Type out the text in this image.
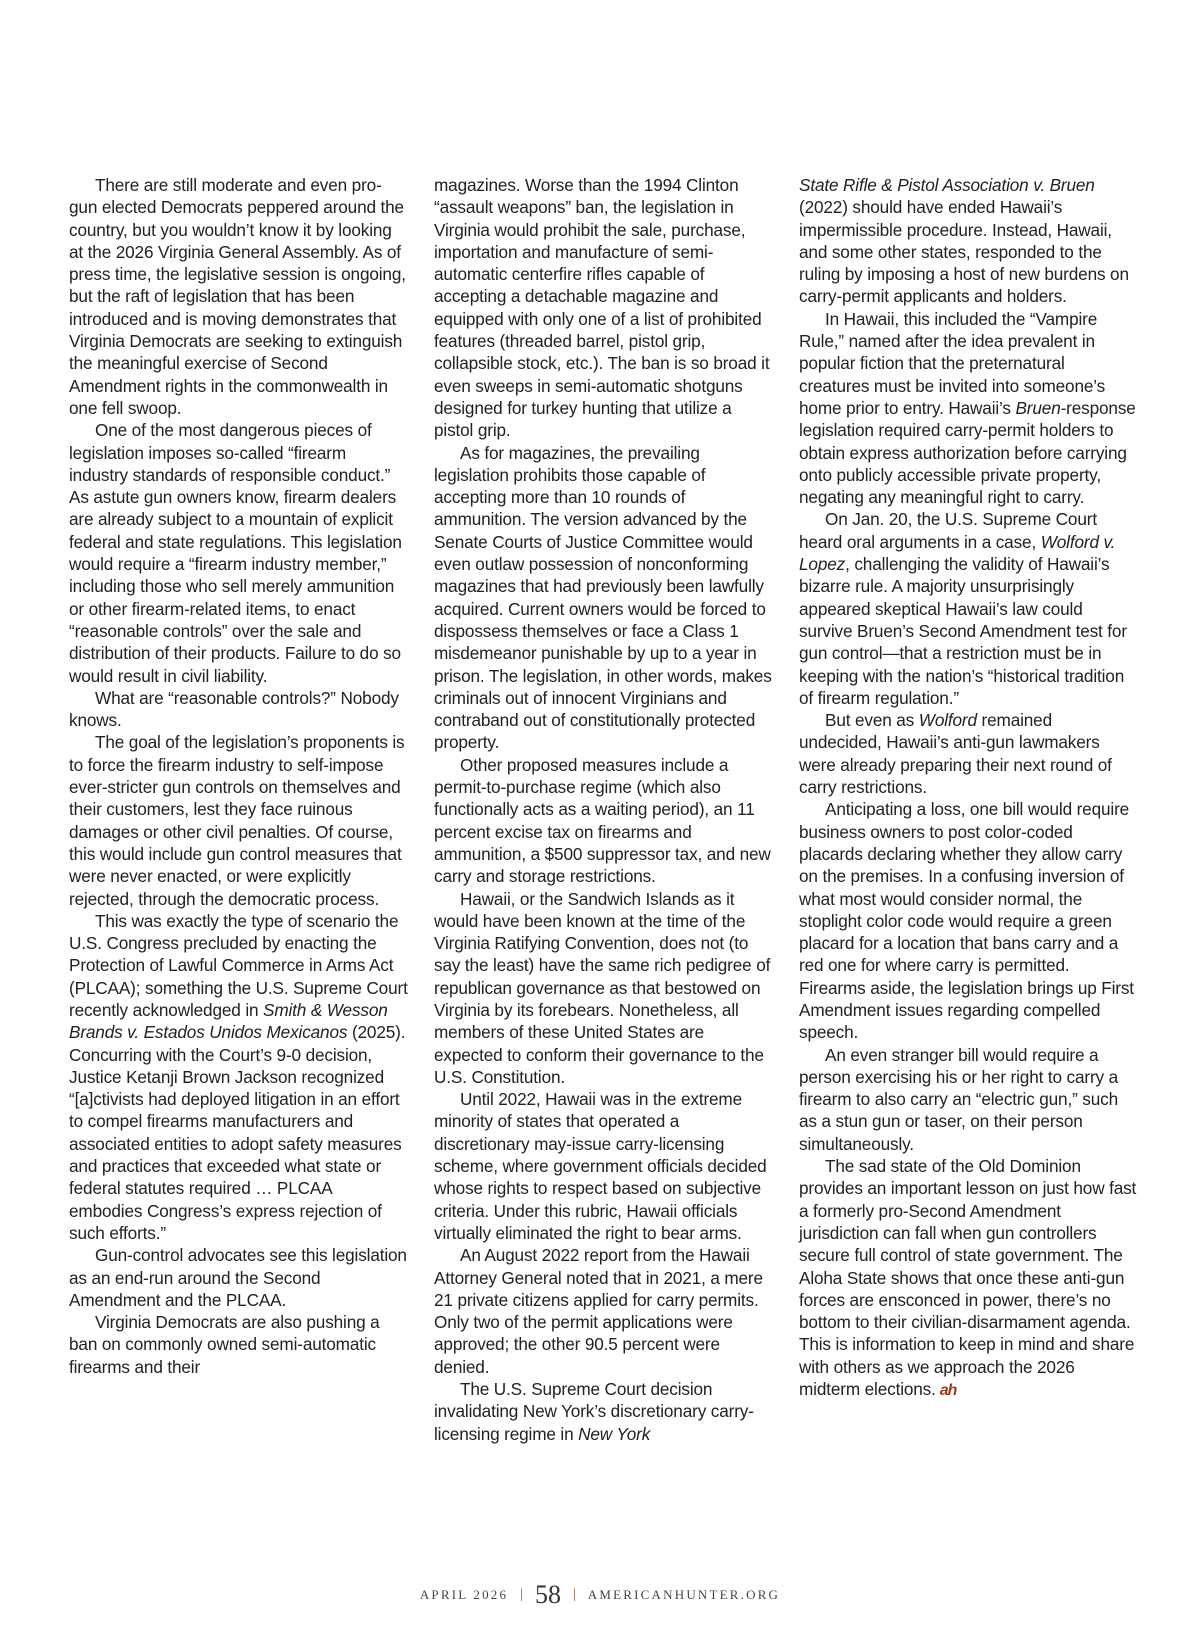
There are still moderate and even pro-gun elected Democrats peppered around the country, but you wouldn’t know it by looking at the 2026 Virginia General Assembly. As of press time, the legislative session is ongoing, but the raft of legislation that has been introduced and is moving demonstrates that Virginia Democrats are seeking to extinguish the meaningful exercise of Second Amendment rights in the commonwealth in one fell swoop.

One of the most dangerous pieces of legislation imposes so-called “firearm industry standards of responsible conduct.” As astute gun owners know, firearm dealers are already subject to a mountain of explicit federal and state regulations. This legislation would require a “firearm industry member,” including those who sell merely ammunition or other firearm-related items, to enact “reasonable controls” over the sale and distribution of their products. Failure to do so would result in civil liability.

What are “reasonable controls?” Nobody knows.

The goal of the legislation’s proponents is to force the firearm industry to self-impose ever-stricter gun controls on themselves and their customers, lest they face ruinous damages or other civil penalties. Of course, this would include gun control measures that were never enacted, or were explicitly rejected, through the democratic process.

This was exactly the type of scenario the U.S. Congress precluded by enacting the Protection of Lawful Commerce in Arms Act (PLCAA); something the U.S. Supreme Court recently acknowledged in Smith & Wesson Brands v. Estados Unidos Mexicanos (2025). Concurring with the Court’s 9-0 decision, Justice Ketanji Brown Jackson recognized “[a]ctivists had deployed litigation in an effort to compel firearms manufacturers and associated entities to adopt safety measures and practices that exceeded what state or federal statutes required … PLCAA embodies Congress’s express rejection of such efforts.”

Gun-control advocates see this legislation as an end-run around the Second Amendment and the PLCAA.

Virginia Democrats are also pushing a ban on commonly owned semi-automatic firearms and their

magazines. Worse than the 1994 Clinton “assault weapons” ban, the legislation in Virginia would prohibit the sale, purchase, importation and manufacture of semi-automatic centerfire rifles capable of accepting a detachable magazine and equipped with only one of a list of prohibited features (threaded barrel, pistol grip, collapsible stock, etc.). The ban is so broad it even sweeps in semi-automatic shotguns designed for turkey hunting that utilize a pistol grip.

As for magazines, the prevailing legislation prohibits those capable of accepting more than 10 rounds of ammunition. The version advanced by the Senate Courts of Justice Committee would even outlaw possession of nonconforming magazines that had previously been lawfully acquired. Current owners would be forced to dispossess themselves or face a Class 1 misdemeanor punishable by up to a year in prison. The legislation, in other words, makes criminals out of innocent Virginians and contraband out of constitutionally protected property.

Other proposed measures include a permit-to-purchase regime (which also functionally acts as a waiting period), an 11 percent excise tax on firearms and ammunition, a $500 suppressor tax, and new carry and storage restrictions.

Hawaii, or the Sandwich Islands as it would have been known at the time of the Virginia Ratifying Convention, does not (to say the least) have the same rich pedigree of republican governance as that bestowed on Virginia by its forebears. Nonetheless, all members of these United States are expected to conform their governance to the U.S. Constitution.

Until 2022, Hawaii was in the extreme minority of states that operated a discretionary may-issue carry-licensing scheme, where government officials decided whose rights to respect based on subjective criteria. Under this rubric, Hawaii officials virtually eliminated the right to bear arms.

An August 2022 report from the Hawaii Attorney General noted that in 2021, a mere 21 private citizens applied for carry permits. Only two of the permit applications were approved; the other 90.5 percent were denied.

The U.S. Supreme Court decision invalidating New York’s discretionary carry-licensing regime in New York

State Rifle & Pistol Association v. Bruen (2022) should have ended Hawaii’s impermissible procedure. Instead, Hawaii, and some other states, responded to the ruling by imposing a host of new burdens on carry-permit applicants and holders.

In Hawaii, this included the “Vampire Rule,” named after the idea prevalent in popular fiction that the preternatural creatures must be invited into someone’s home prior to entry. Hawaii’s Bruen-response legislation required carry-permit holders to obtain express authorization before carrying onto publicly accessible private property, negating any meaningful right to carry.

On Jan. 20, the U.S. Supreme Court heard oral arguments in a case, Wolford v. Lopez, challenging the validity of Hawaii’s bizarre rule. A majority unsurprisingly appeared skeptical Hawaii’s law could survive Bruen’s Second Amendment test for gun control—that a restriction must be in keeping with the nation’s “historical tradition of firearm regulation.”

But even as Wolford remained undecided, Hawaii’s anti-gun lawmakers were already preparing their next round of carry restrictions.

Anticipating a loss, one bill would require business owners to post color-coded placards declaring whether they allow carry on the premises. In a confusing inversion of what most would consider normal, the stoplight color code would require a green placard for a location that bans carry and a red one for where carry is permitted. Firearms aside, the legislation brings up First Amendment issues regarding compelled speech.

An even stranger bill would require a person exercising his or her right to carry a firearm to also carry an “electric gun,” such as a stun gun or taser, on their person simultaneously.

The sad state of the Old Dominion provides an important lesson on just how fast a formerly pro-Second Amendment jurisdiction can fall when gun controllers secure full control of state government. The Aloha State shows that once these anti-gun forces are ensconced in power, there’s no bottom to their civilian-disarmament agenda. This is information to keep in mind and share with others as we approach the 2026 midterm elections. ah

APRIL 2026 | 58 | AMERICANHUNTER.ORG
